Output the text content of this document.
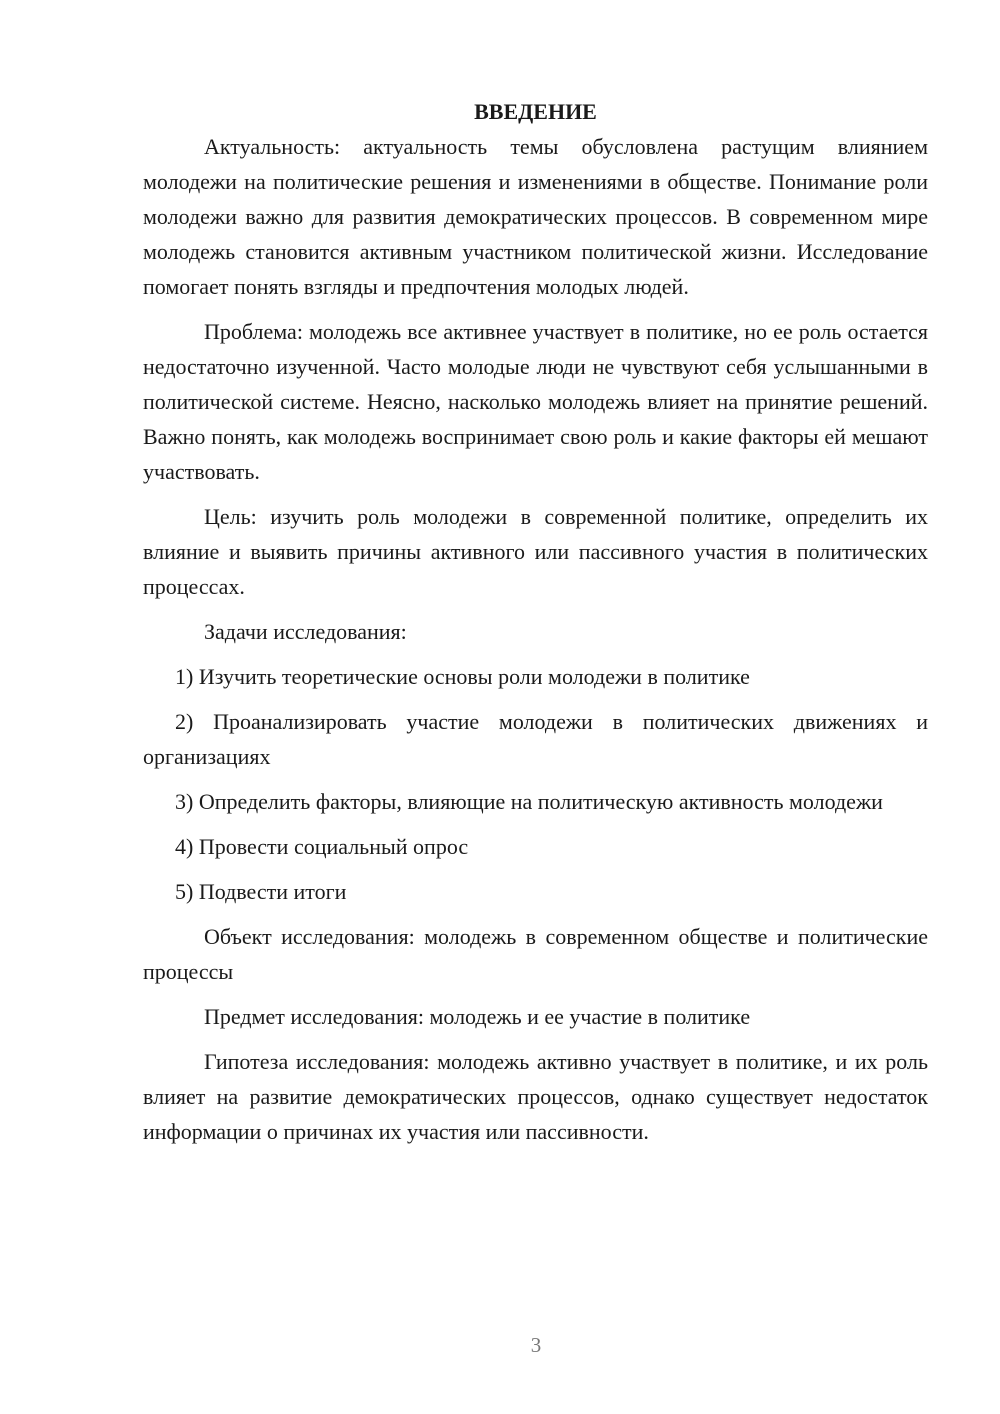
ВВЕДЕНИЕ

Актуальность: актуальность темы обусловлена растущим влиянием молодежи на политические решения и изменениями в обществе. Понимание роли молодежи важно для развития демократических процессов. В современном мире молодежь становится активным участником политической жизни. Исследование помогает понять взгляды и предпочтения молодых людей.

Проблема: молодежь все активнее участвует в политике, но ее роль остается недостаточно изученной. Часто молодые люди не чувствуют себя услышанными в политической системе. Неясно, насколько молодежь влияет на принятие решений. Важно понять, как молодежь воспринимает свою роль и какие факторы ей мешают участвовать.

Цель: изучить роль молодежи в современной политике, определить их влияние и выявить причины активного или пассивного участия в политических процессах.

Задачи исследования:

1) Изучить теоретические основы роли молодежи в политике

2) Проанализировать участие молодежи в политических движениях и организациях

3) Определить факторы, влияющие на политическую активность молодежи

4) Провести социальный опрос

5) Подвести итоги

Объект исследования: молодежь в современном обществе и политические процессы

Предмет исследования: молодежь и ее участие в политике

Гипотеза исследования: молодежь активно участвует в политике, и их роль влияет на развитие демократических процессов, однако существует недостаток информации о причинах их участия или пассивности.

3
